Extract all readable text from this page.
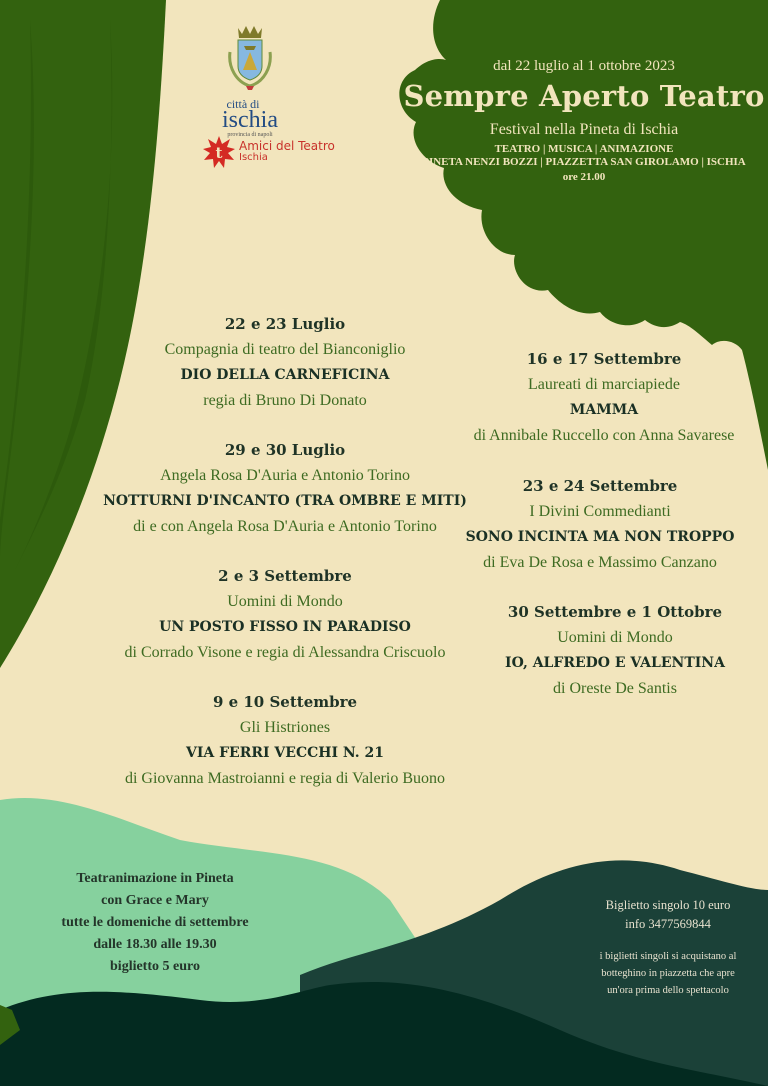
città di
ischia
provincia di napoli
t Amici del Teatro
Ischia
dal 22 luglio al 1 ottobre 2023
Sempre Aperto Teatro
Festival nella Pineta di Ischia
TEATRO | MUSICA | ANIMAZIONE
PINETA NENZI BOZZI | PIAZZETTA SAN GIROLAMO | ISCHIA
ore 21.00
22 e 23 Luglio
Compagnia di teatro del Bianconiglio
DIO DELLA CARNEFICINA
regia di Bruno Di Donato
29 e 30 Luglio
Angela Rosa D'Auria e Antonio Torino
NOTTURNI D'INCANTO (TRA OMBRE E MITI)
di e con Angela Rosa D'Auria e Antonio Torino
2 e 3 Settembre
Uomini di Mondo
UN POSTO FISSO IN PARADISO
di Corrado Visone e regia di Alessandra Criscuolo
9 e 10 Settembre
Gli Histriones
VIA FERRI VECCHI N. 21
di Giovanna Mastroianni e regia di Valerio Buono
16 e 17 Settembre
Laureati di marciapiede
MAMMA
di Annibale Ruccello con Anna Savarese
23 e 24 Settembre
I Divini Commedianti
SONO INCINTA MA NON TROPPO
di Eva De Rosa e Massimo Canzano
30 Settembre e 1 Ottobre
Uomini di Mondo
IO, ALFREDO E VALENTINA
di Oreste De Santis
Teatranimazione in Pineta
con Grace e Mary
tutte le domeniche di settembre
dalle 18.30 alle 19.30
biglietto 5 euro
Biglietto singolo 10 euro
info 3477569844
i biglietti singoli si acquistano al
botteghino in piazzetta che apre
un'ora prima dello spettacolo
